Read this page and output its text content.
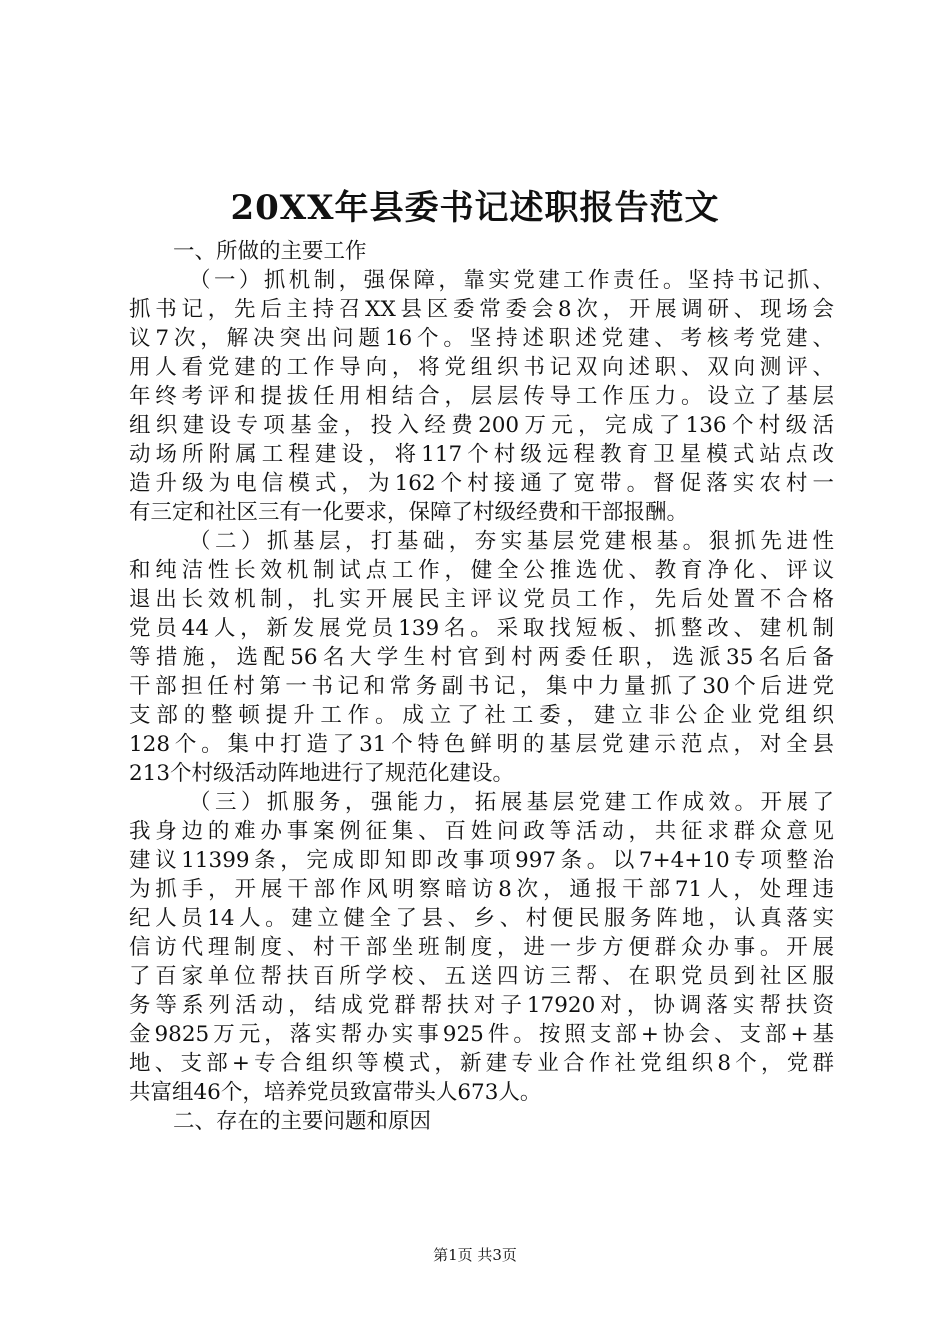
20XX年县委书记述职报告范文
一、所做的主要工作
（一）抓机制，强保障，靠实党建工作责任。坚持书记抓、
抓书记，先后主持召XX县区委常委会8次，开展调研、现场会
议7次，解决突出问题16个。坚持述职述党建、考核考党建、
用人看党建的工作导向，将党组织书记双向述职、双向测评、
年终考评和提拔任用相结合，层层传导工作压力。设立了基层
组织建设专项基金，投入经费200万元，完成了136个村级活
动场所附属工程建设，将117个村级远程教育卫星模式站点改
造升级为电信模式，为162个村接通了宽带。督促落实农村一
有三定和社区三有一化要求，保障了村级经费和干部报酬。
（二）抓基层，打基础，夯实基层党建根基。狠抓先进性
和纯洁性长效机制试点工作，健全公推选优、教育净化、评议
退出长效机制，扎实开展民主评议党员工作，先后处置不合格
党员44人，新发展党员139名。采取找短板、抓整改、建机制
等措施，选配56名大学生村官到村两委任职，选派35名后备
干部担任村第一书记和常务副书记，集中力量抓了30个后进党
支部的整顿提升工作。成立了社工委，建立非公企业党组织
128个。集中打造了31个特色鲜明的基层党建示范点，对全县
213个村级活动阵地进行了规范化建设。
（三）抓服务，强能力，拓展基层党建工作成效。开展了
我身边的难办事案例征集、百姓问政等活动，共征求群众意见
建议11399条，完成即知即改事项997条。以7+4+10专项整治
为抓手，开展干部作风明察暗访8次，通报干部71人，处理违
纪人员14人。建立健全了县、乡、村便民服务阵地，认真落实
信访代理制度、村干部坐班制度，进一步方便群众办事。开展
了百家单位帮扶百所学校、五送四访三帮、在职党员到社区服
务等系列活动，结成党群帮扶对子17920对，协调落实帮扶资
金9825万元，落实帮办实事925件。按照支部+协会、支部+基
地、支部+专合组织等模式，新建专业合作社党组织8个，党群
共富组46个，培养党员致富带头人673人。
二、存在的主要问题和原因
第1页 共3页
